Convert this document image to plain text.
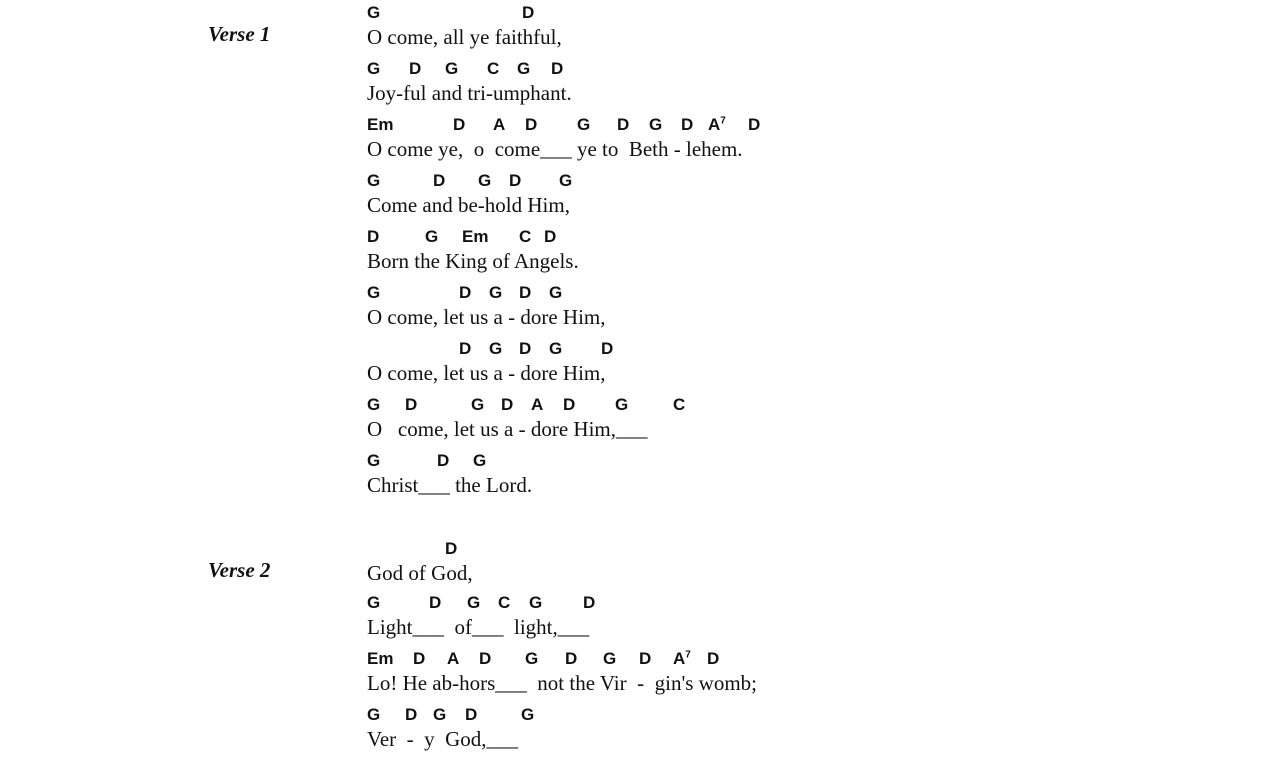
Verse 1
Verse 2
G	D
O come, all ye faithful,
G D G C G D
Joy-ful and tri-umphant.
Em	D A D G D G D $A^7$ D
O come ye,  o  come___ ye to  Beth - lehem.
G	D G D G
Come and be-hold Him,
D	G Em C D
Born the King of Angels.
G	D G D G
O come, let us a - dore Him,
D G D G D
O come, let us a - dore Him,
G D	G D A D G	C
O   come, let us a - dore Him,___
G	D G
Christ___ the Lord.
D
God of God,
G	D G C G D
Light___  of___  light,___
Em D A D G D G D $A^7$ D
Lo! He ab-hors___  not the Vir  -  gin's womb;
G D G D	G
Ver  -  y  God,___
